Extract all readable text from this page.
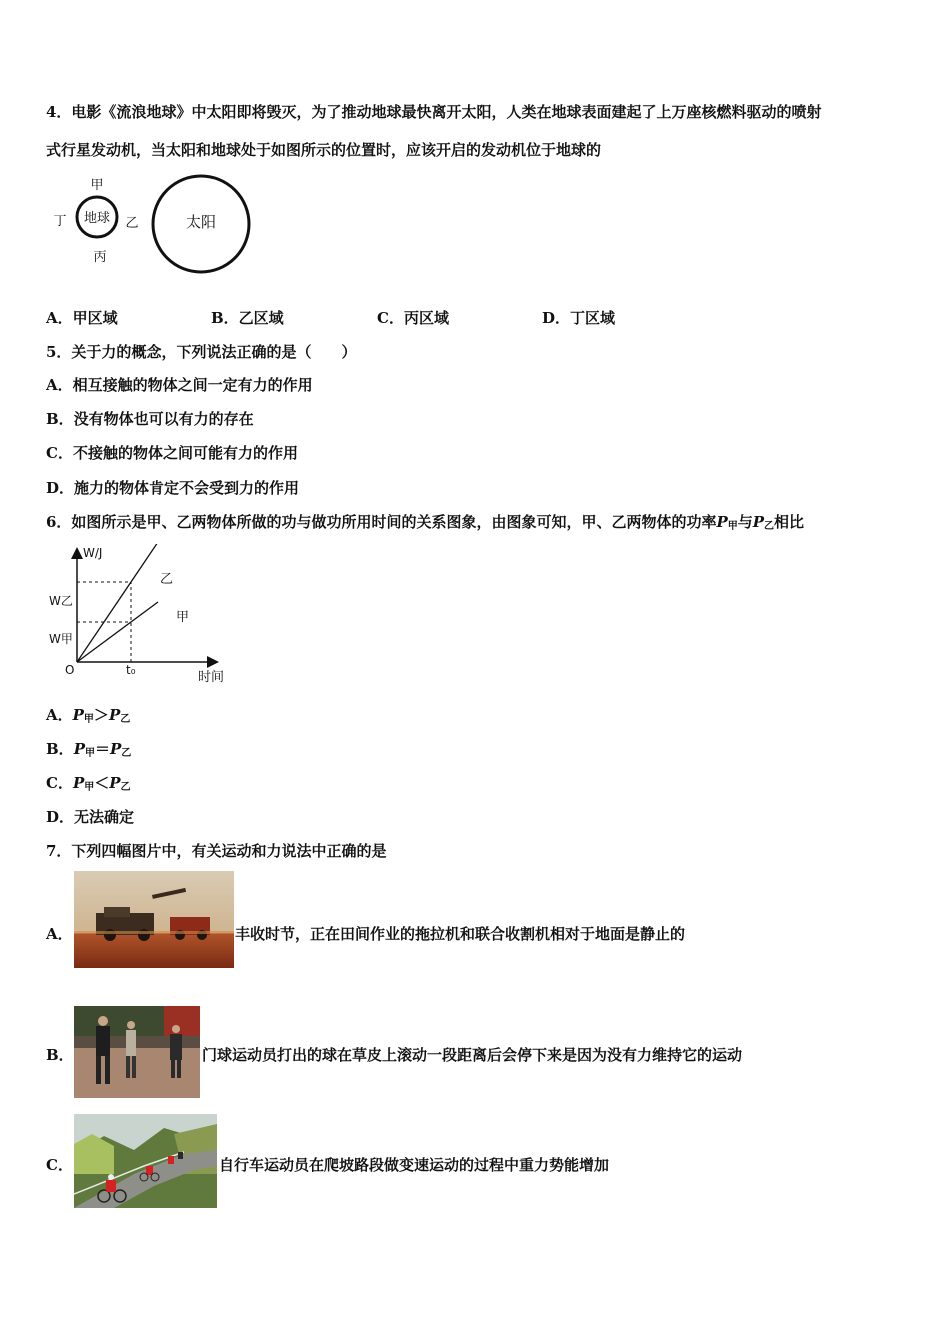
4．电影《流浪地球》中太阳即将毁灭，为了推动地球最快离开太阳，人类在地球表面建起了上万座核燃料驱动的喷射
式行星发动机，当太阳和地球处于如图所示的位置时，应该开启的发动机位于地球的
地球
甲
丁	乙
丙
太阳
A．甲区域	B．乙区域	C．丙区域	D．丁区域
5．关于力的概念，下列说法正确的是（　　）
A．相互接触的物体之间一定有力的作用
B．没有物体也可以有力的存在
C．不接触的物体之间可能有力的作用
D．施力的物体肯定不会受到力的作用
6．如图所示是甲、乙两物体所做的功与做功所用时间的关系图象，由图象可知，甲、乙两物体的功率$P_甲$与$P_乙$相比
W/J
时间
O	t₀
W乙
W甲
乙
甲
A．$P_甲>P_乙$
B．$P_甲=P_乙$
C．$P_甲<P_乙$
D．无法确定
7．下列四幅图片中，有关运动和力说法中正确的是
A．	丰收时节，正在田间作业的拖拉机和联合收割机相对于地面是静止的
B．	门球运动员打出的球在草皮上滚动一段距离后会停下来是因为没有力维持它的运动
C．	自行车运动员在爬坡路段做变速运动的过程中重力势能增加
